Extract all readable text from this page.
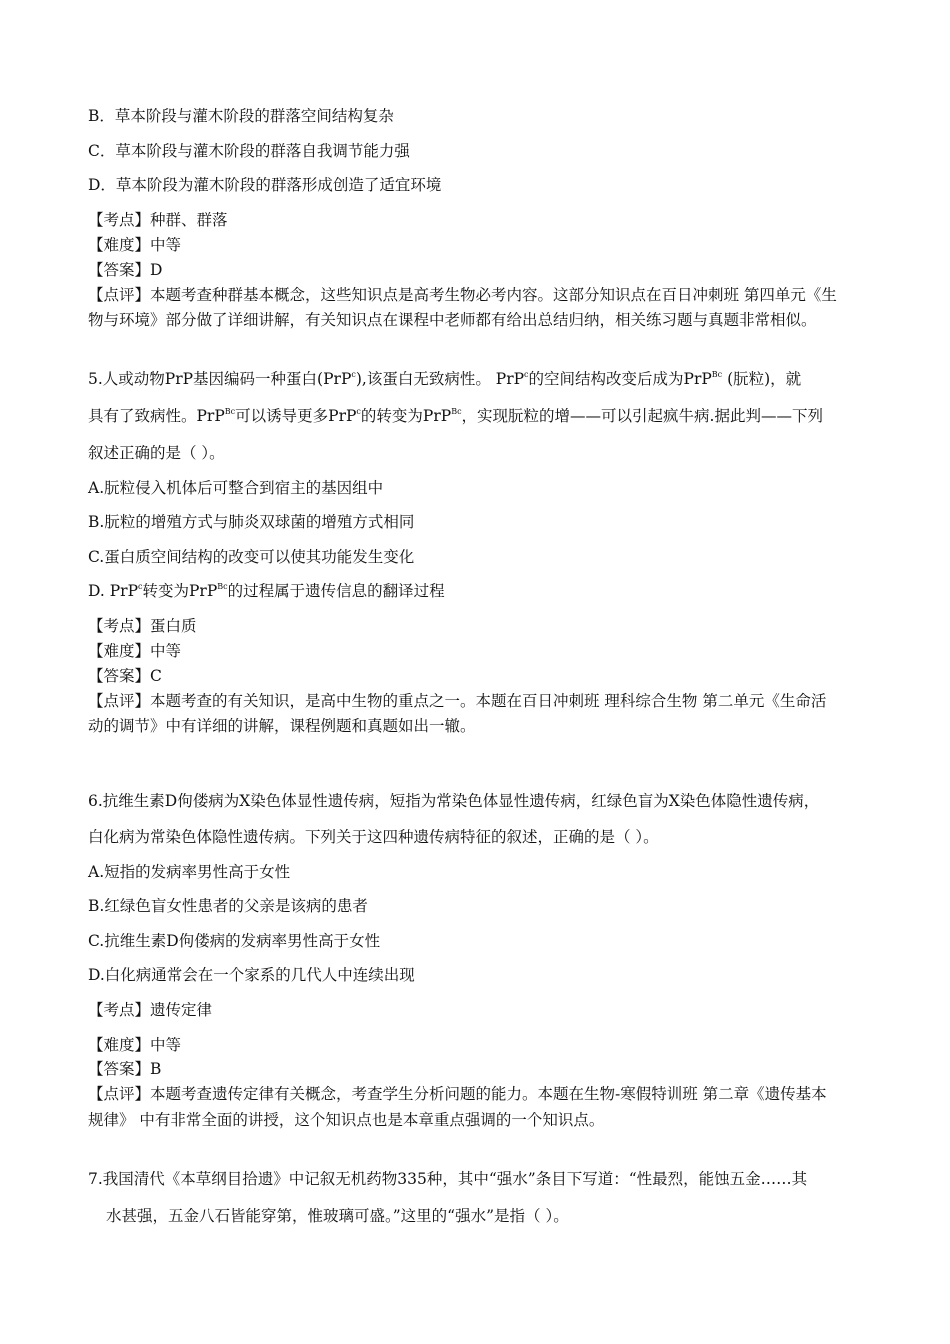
B．草本阶段与灌木阶段的群落空间结构复杂
C．草本阶段与灌木阶段的群落自我调节能力强
D．草本阶段为灌木阶段的群落形成创造了适宜环境
【考点】种群、群落
【难度】中等
【答案】D
【点评】本题考查种群基本概念，这些知识点是高考生物必考内容。这部分知识点在百日冲刺班 第四单元《生
物与环境》部分做了详细讲解，有关知识点在课程中老师都有给出总结归纳，相关练习题与真题非常相似。
5.人或动物PrP基因编码一种蛋白(PrP$^c$),该蛋白无致病性。 PrP$^c$的空间结构改变后成为PrP$^{Bc}$ (朊粒)，就
具有了致病性。PrP$^{Bc}$可以诱导更多PrP$^c$的转变为PrP$^{Bc}$，实现朊粒的增——可以引起疯牛病.据此判——下列
叙述正确的是（ ）。
A.朊粒侵入机体后可整合到宿主的基因组中
B.朊粒的增殖方式与肺炎双球菌的增殖方式相同
C.蛋白质空间结构的改变可以使其功能发生变化
D. PrP$^c$转变为PrP$^{Bc}$的过程属于遗传信息的翻译过程
【考点】蛋白质
【难度】中等
【答案】C
【点评】本题考查的有关知识，是高中生物的重点之一。本题在百日冲刺班 理科综合生物 第二单元《生命活
动的调节》中有详细的讲解，课程例题和真题如出一辙。
6.抗维生素D佝偻病为X染色体显性遗传病，短指为常染色体显性遗传病，红绿色盲为X染色体隐性遗传病，
白化病为常染色体隐性遗传病。下列关于这四种遗传病特征的叙述，正确的是（ ）。
A.短指的发病率男性高于女性
B.红绿色盲女性患者的父亲是该病的患者
C.抗维生素D佝偻病的发病率男性高于女性
D.白化病通常会在一个家系的几代人中连续出现
【考点】遗传定律
【难度】中等
【答案】B
【点评】本题考查遗传定律有关概念，考查学生分析问题的能力。本题在生物-寒假特训班 第二章《遗传基本
规律》 中有非常全面的讲授，这个知识点也是本章重点强调的一个知识点。
7.我国清代《本草纲目拾遗》中记叙无机药物335种，其中“强水”条目下写道：“性最烈，能蚀五金……其
水甚强，五金八石皆能穿第，惟玻璃可盛。”这里的“强水”是指（ ）。
